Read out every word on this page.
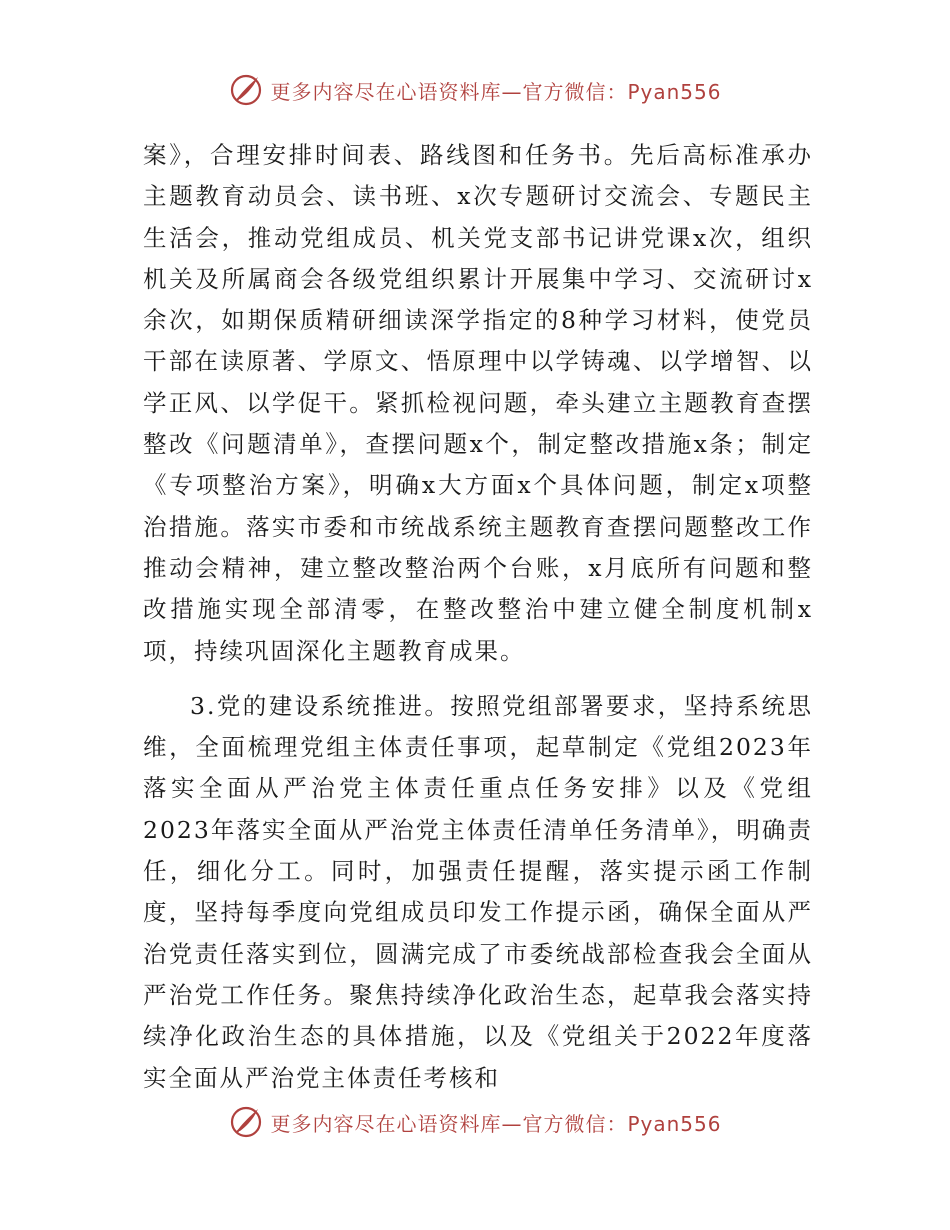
更多内容尽在心语资料库—官方微信：Pyan556

案》，合理安排时间表、路线图和任务书。先后高标准承办主题教育动员会、读书班、x次专题研讨交流会、专题民主生活会，推动党组成员、机关党支部书记讲党课x次，组织机关及所属商会各级党组织累计开展集中学习、交流研讨x余次，如期保质精研细读深学指定的8种学习材料，使党员干部在读原著、学原文、悟原理中以学铸魂、以学增智、以学正风、以学促干。紧抓检视问题，牵头建立主题教育查摆整改《问题清单》，查摆问题x个，制定整改措施x条；制定《专项整治方案》，明确x大方面x个具体问题，制定x项整治措施。落实市委和市统战系统主题教育查摆问题整改工作推动会精神，建立整改整治两个台账，x月底所有问题和整改措施实现全部清零，在整改整治中建立健全制度机制x项，持续巩固深化主题教育成果。

3.党的建设系统推进。按照党组部署要求，坚持系统思维，全面梳理党组主体责任事项，起草制定《党组2023年落实全面从严治党主体责任重点任务安排》以及《党组2023年落实全面从严治党主体责任清单任务清单》，明确责任，细化分工。同时，加强责任提醒，落实提示函工作制度，坚持每季度向党组成员印发工作提示函，确保全面从严治党责任落实到位，圆满完成了市委统战部检查我会全面从严治党工作任务。聚焦持续净化政治生态，起草我会落实持续净化政治生态的具体措施，以及《党组关于2022年度落实全面从严治党主体责任考核和

更多内容尽在心语资料库—官方微信：Pyan556
